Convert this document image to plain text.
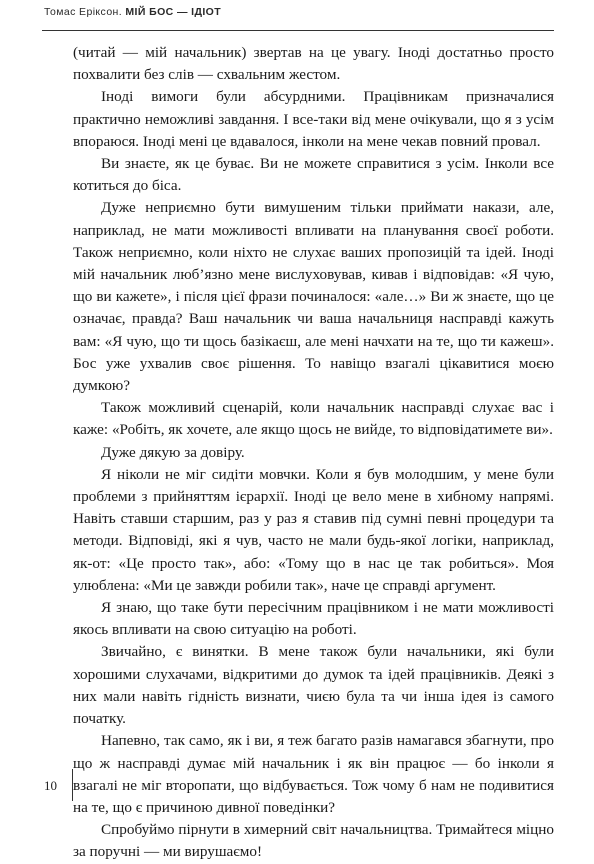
Томас Еріксон. МІЙ БОС — ІДІОТ

(читай — мій начальник) звертав на це увагу. Іноді достатньо просто похвалити без слів — схвальним жестом.

Іноді вимоги були абсурдними. Працівникам призначалися практично неможливі завдання. І все-таки від мене очікували, що я з усім впораюся. Іноді мені це вдавалося, інколи на мене чекав повний провал.

Ви знаєте, як це буває. Ви не можете справитися з усім. Інколи все котиться до біса.

Дуже неприємно бути вимушеним тільки приймати накази, але, наприклад, не мати можливості впливати на планування своєї роботи. Також неприємно, коли ніхто не слухає ваших пропозицій та ідей. Іноді мій начальник люб’язно мене вислуховував, кивав і відповідав: «Я чую, що ви кажете», і після цієї фрази починалося: «але…» Ви ж знаєте, що це означає, правда? Ваш начальник чи ваша начальниця насправді кажуть вам: «Я чую, що ти щось базікаєш, але мені начхати на те, що ти кажеш». Бос уже ухвалив своє рішення. То навіщо взагалі цікавитися моєю думкою?

Також можливий сценарій, коли начальник насправді слухає вас і каже: «Робіть, як хочете, але якщо щось не вийде, то відповідатимете ви».

Дуже дякую за довіру.

Я ніколи не міг сидіти мовчки. Коли я був молодшим, у мене були проблеми з прийняттям ієрархії. Іноді це вело мене в хибному напрямі. Навіть ставши старшим, раз у раз я ставив під сумні певні процедури та методи. Відповіді, які я чув, часто не мали будь-якої логіки, наприклад, як-от: «Це просто так», або: «Тому що в нас це так робиться». Моя улюблена: «Ми це завжди робили так», наче це справді аргумент.

Я знаю, що таке бути пересічним працівником і не мати можливості якось впливати на свою ситуацію на роботі.

Звичайно, є винятки. В мене також були начальники, які були хорошими слухачами, відкритими до думок та ідей працівників. Деякі з них мали навіть гідність визнати, чиєю була та чи інша ідея із самого початку.

Напевно, так само, як і ви, я теж багато разів намагався збагнути, про що ж насправді думає мій начальник і як він працює — бо інколи я взагалі не міг второпати, що відбувається. Тож чому б нам не подивитися на те, що є причиною дивної поведінки?

Спробуймо пірнути в химерний світ начальництва. Тримайтеся міцно за поручні — ми вирушаємо!

10
